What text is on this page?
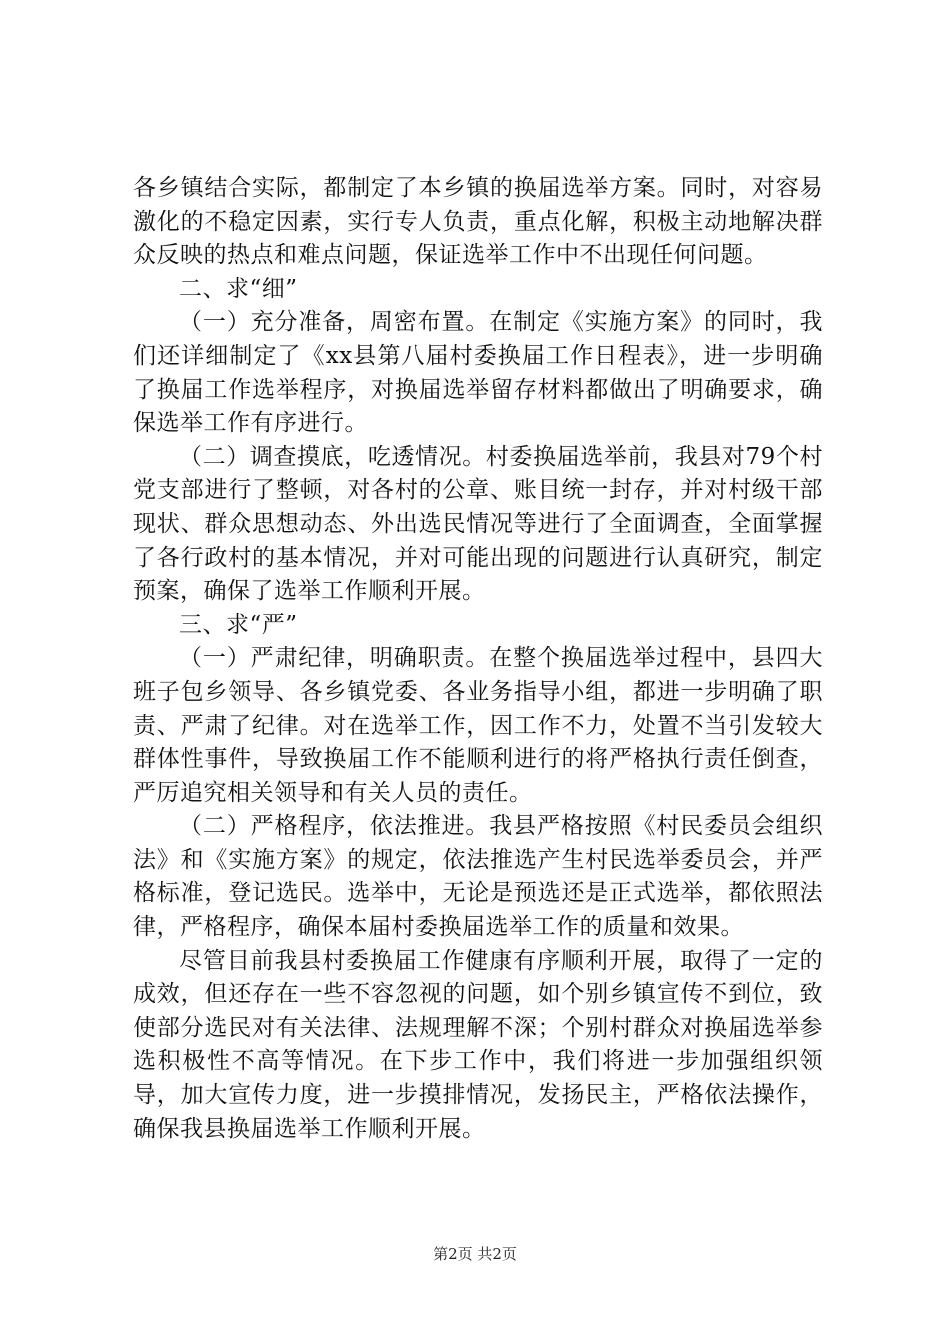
各乡镇结合实际，都制定了本乡镇的换届选举方案。同时，对容易激化的不稳定因素，实行专人负责，重点化解，积极主动地解决群众反映的热点和难点问题，保证选举工作中不出现任何问题。

二、求“细”

（一）充分准备，周密布置。在制定《实施方案》的同时，我们还详细制定了《xx县第八届村委换届工作日程表》，进一步明确了换届工作选举程序，对换届选举留存材料都做出了明确要求，确保选举工作有序进行。

（二）调查摸底，吃透情况。村委换届选举前，我县对79个村党支部进行了整顿，对各村的公章、账目统一封存，并对村级干部现状、群众思想动态、外出选民情况等进行了全面调查，全面掌握了各行政村的基本情况，并对可能出现的问题进行认真研究，制定预案，确保了选举工作顺利开展。

三、求“严”

（一）严肃纪律，明确职责。在整个换届选举过程中，县四大班子包乡领导、各乡镇党委、各业务指导小组，都进一步明确了职责、严肃了纪律。对在选举工作，因工作不力，处置不当引发较大群体性事件，导致换届工作不能顺利进行的将严格执行责任倒查，严厉追究相关领导和有关人员的责任。

（二）严格程序，依法推进。我县严格按照《村民委员会组织法》和《实施方案》的规定，依法推选产生村民选举委员会，并严格标准，登记选民。选举中，无论是预选还是正式选举，都依照法律，严格程序，确保本届村委换届选举工作的质量和效果。

尽管目前我县村委换届工作健康有序顺利开展，取得了一定的成效，但还存在一些不容忽视的问题，如个别乡镇宣传不到位，致使部分选民对有关法律、法规理解不深；个别村群众对换届选举参选积极性不高等情况。在下步工作中，我们将进一步加强组织领导，加大宣传力度，进一步摸排情况，发扬民主，严格依法操作，确保我县换届选举工作顺利开展。

第2页 共2页
